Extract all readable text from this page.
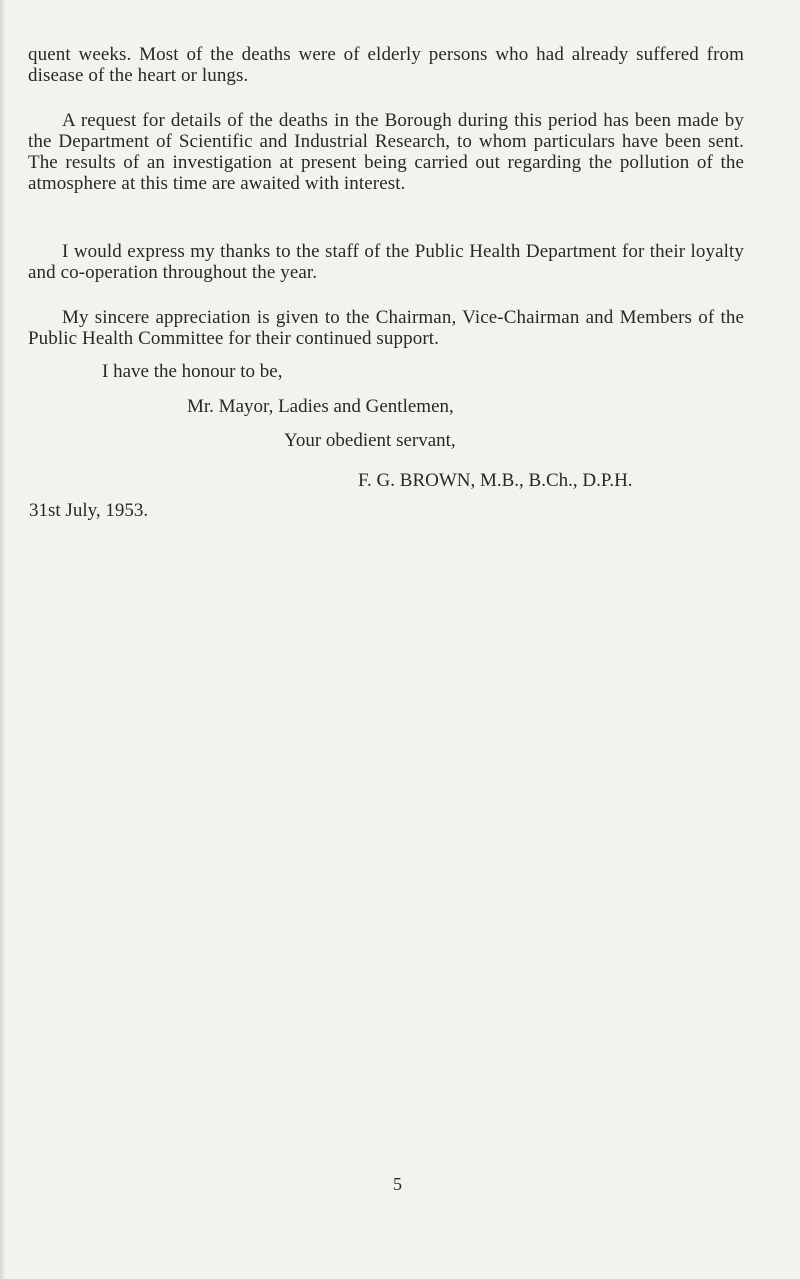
quent weeks. Most of the deaths were of elderly persons who had already suffered from disease of the heart or lungs.

A request for details of the deaths in the Borough during this period has been made by the Department of Scientific and Industrial Research, to whom particulars have been sent. The results of an investigation at present being carried out regarding the pollution of the atmosphere at this time are awaited with interest.

I would express my thanks to the staff of the Public Health Department for their loyalty and co-operation throughout the year.

My sincere appreciation is given to the Chairman, Vice-Chairman and Members of the Public Health Committee for their continued support.

I have the honour to be,

Mr. Mayor, Ladies and Gentlemen,

Your obedient servant,

F. G. BROWN, M.B., B.Ch., D.P.H.

31st July, 1953.

5
